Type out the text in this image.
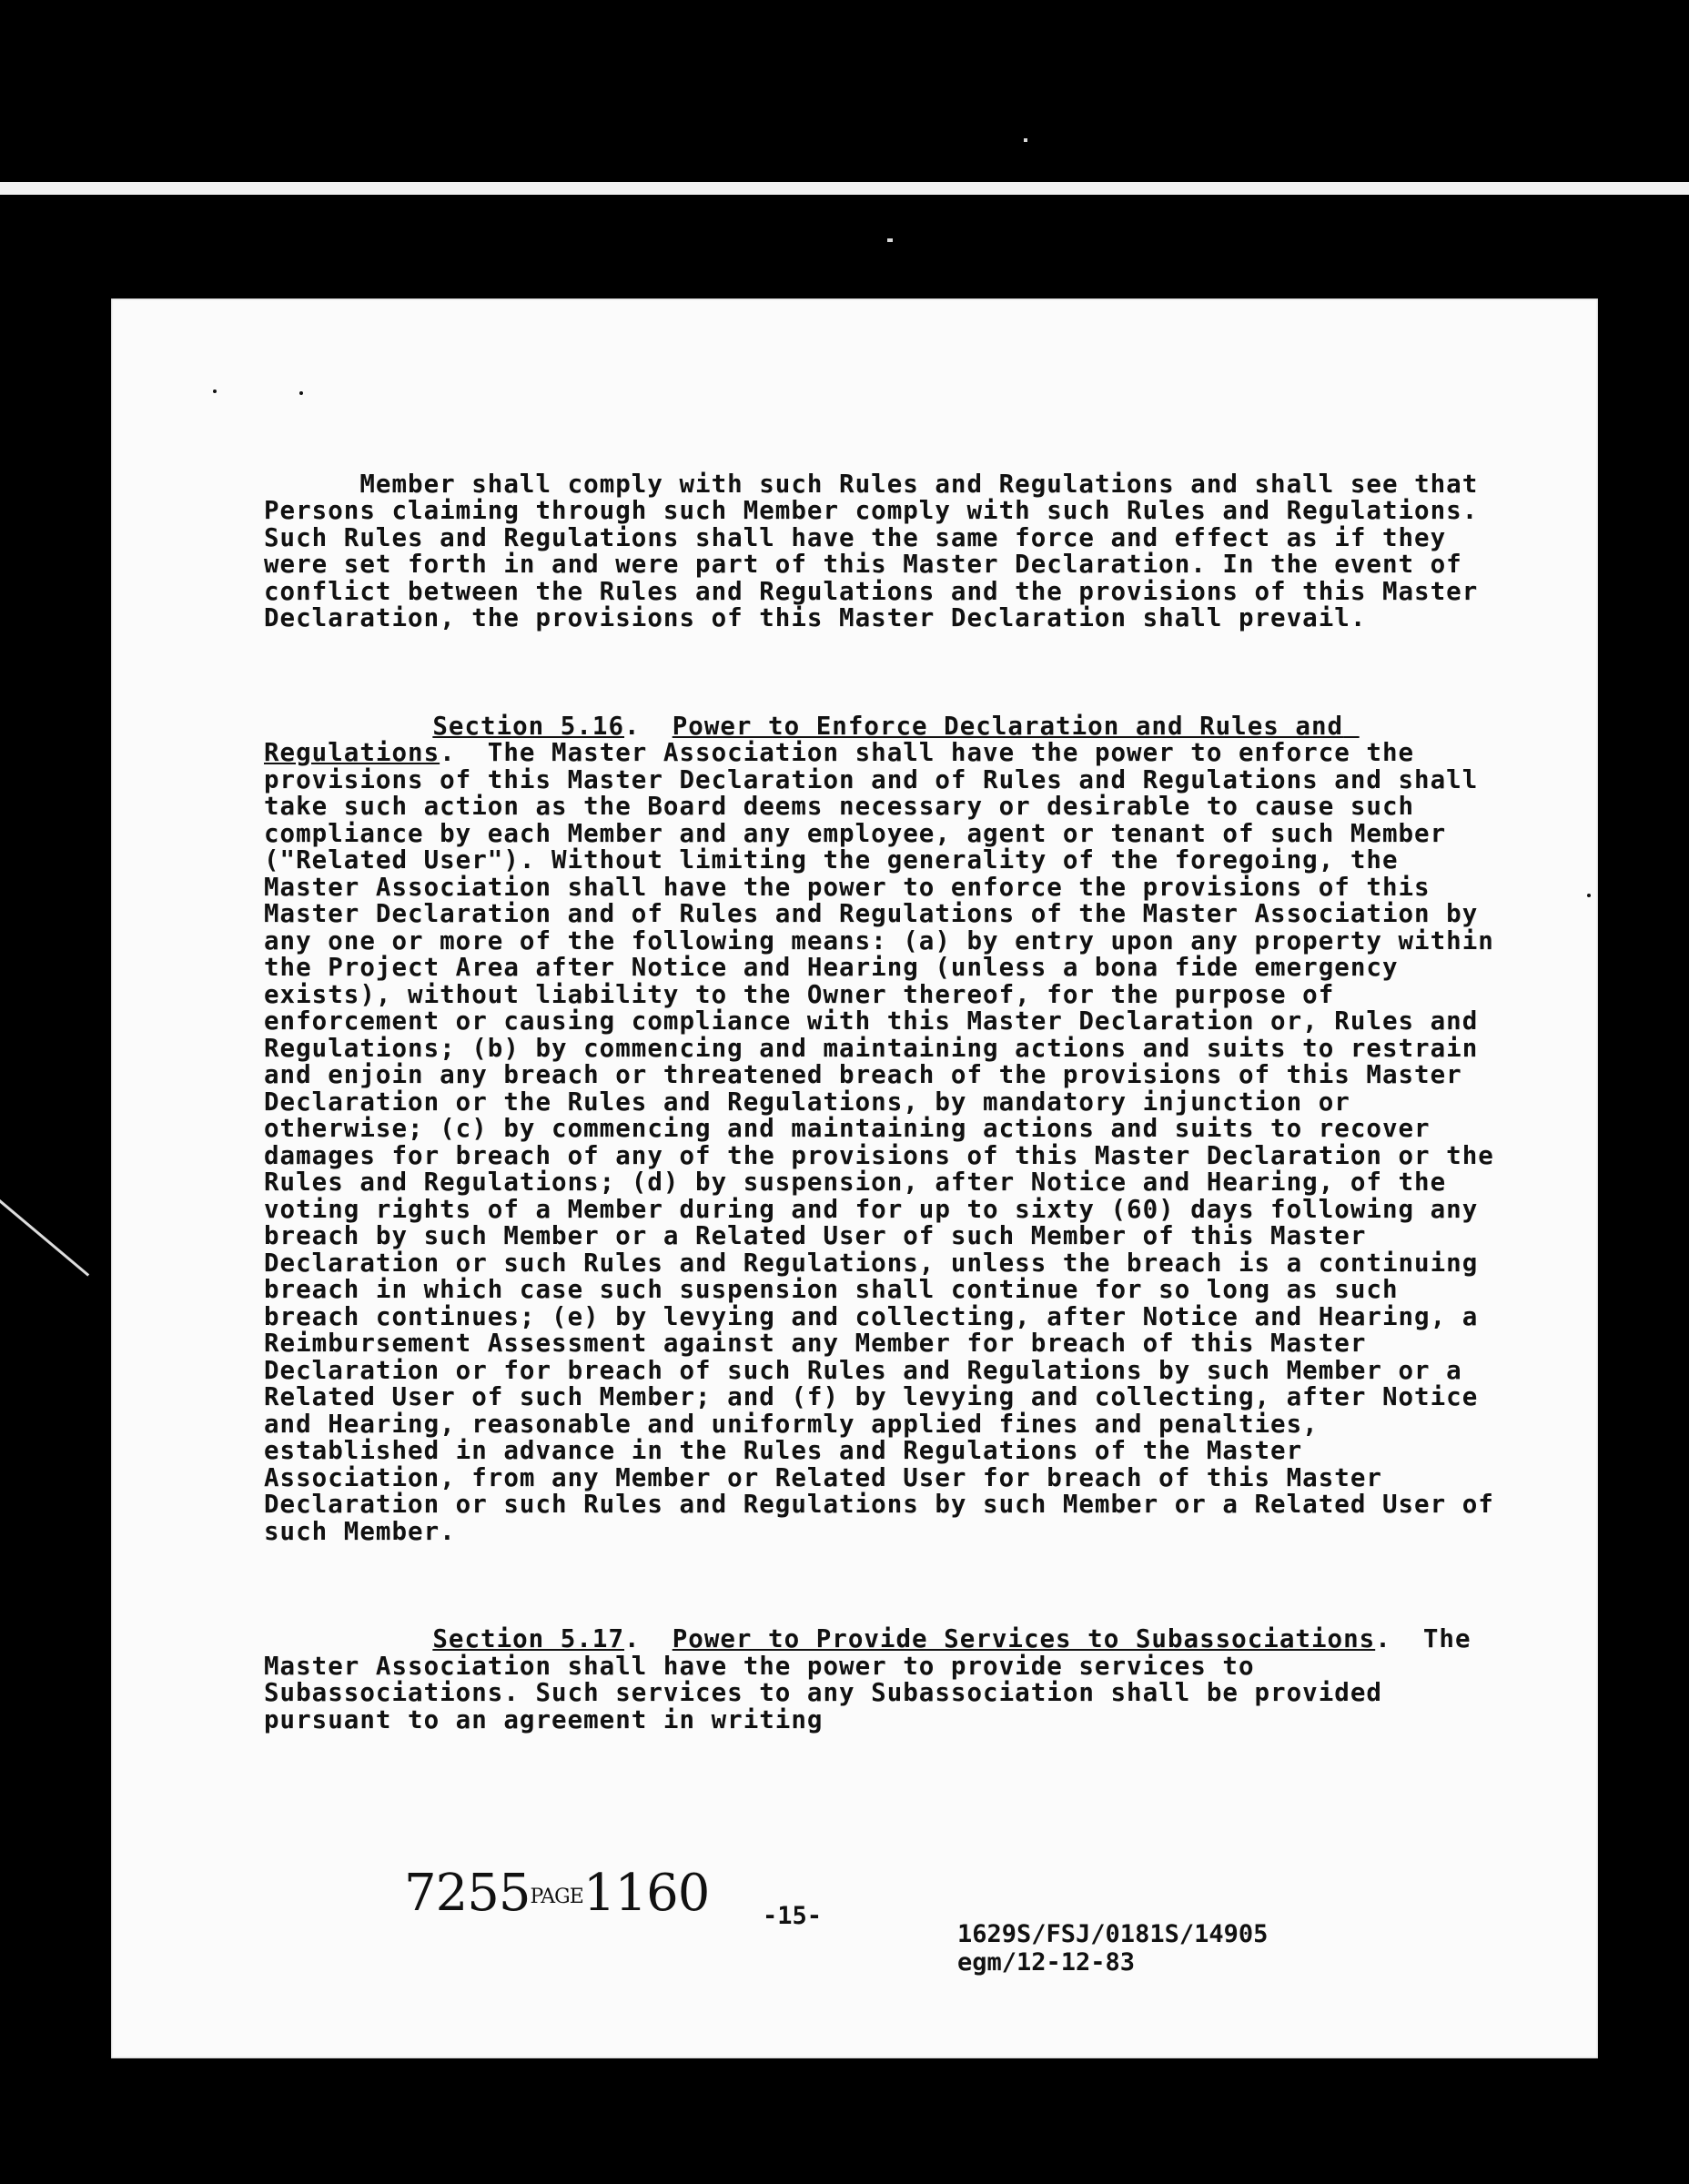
Member shall comply with such Rules and Regulations and shall see that Persons claiming through such Member comply with such Rules and Regulations. Such Rules and Regulations shall have the same force and effect as if they were set forth in and were part of this Master Declaration. In the event of conflict between the Rules and Regulations and the provisions of this Master Declaration, the provisions of this Master Declaration shall prevail.

Section 5.16.  Power to Enforce Declaration and Rules and Regulations.  The Master Association shall have the power to enforce the provisions of this Master Declaration and of Rules and Regulations and shall take such action as the Board deems necessary or desirable to cause such compliance by each Member and any employee, agent or tenant of such Member ("Related User"). Without limiting the generality of the foregoing, the Master Association shall have the power to enforce the provisions of this Master Declaration and of Rules and Regulations of the Master Association by any one or more of the following means: (a) by entry upon any property within the Project Area after Notice and Hearing (unless a bona fide emergency exists), without liability to the Owner thereof, for the purpose of enforcement or causing compliance with this Master Declaration or, Rules and Regulations; (b) by commencing and maintaining actions and suits to restrain and enjoin any breach or threatened breach of the provisions of this Master Declaration or the Rules and Regulations, by mandatory injunction or otherwise; (c) by commencing and maintaining actions and suits to recover damages for breach of any of the provisions of this Master Declaration or the Rules and Regulations; (d) by suspension, after Notice and Hearing, of the voting rights of a Member during and for up to sixty (60) days following any breach by such Member or a Related User of such Member of this Master Declaration or such Rules and Regulations, unless the breach is a continuing breach in which case such suspension shall continue for so long as such breach continues; (e) by levying and collecting, after Notice and Hearing, a Reimbursement Assessment against any Member for breach of this Master Declaration or for breach of such Rules and Regulations by such Member or a Related User of such Member; and (f) by levying and collecting, after Notice and Hearing, reasonable and uniformly applied fines and penalties, established in advance in the Rules and Regulations of the Master Association, from any Member or Related User for breach of this Master Declaration or such Rules and Regulations by such Member or a Related User of such Member.

Section 5.17.  Power to Provide Services to Subassociations.  The Master Association shall have the power to provide services to Subassociations. Such services to any Subassociation shall be provided pursuant to an agreement in writing

7255PAGE1160 -15-
1629S/FSJ/0181S/14905
egm/12-12-83
